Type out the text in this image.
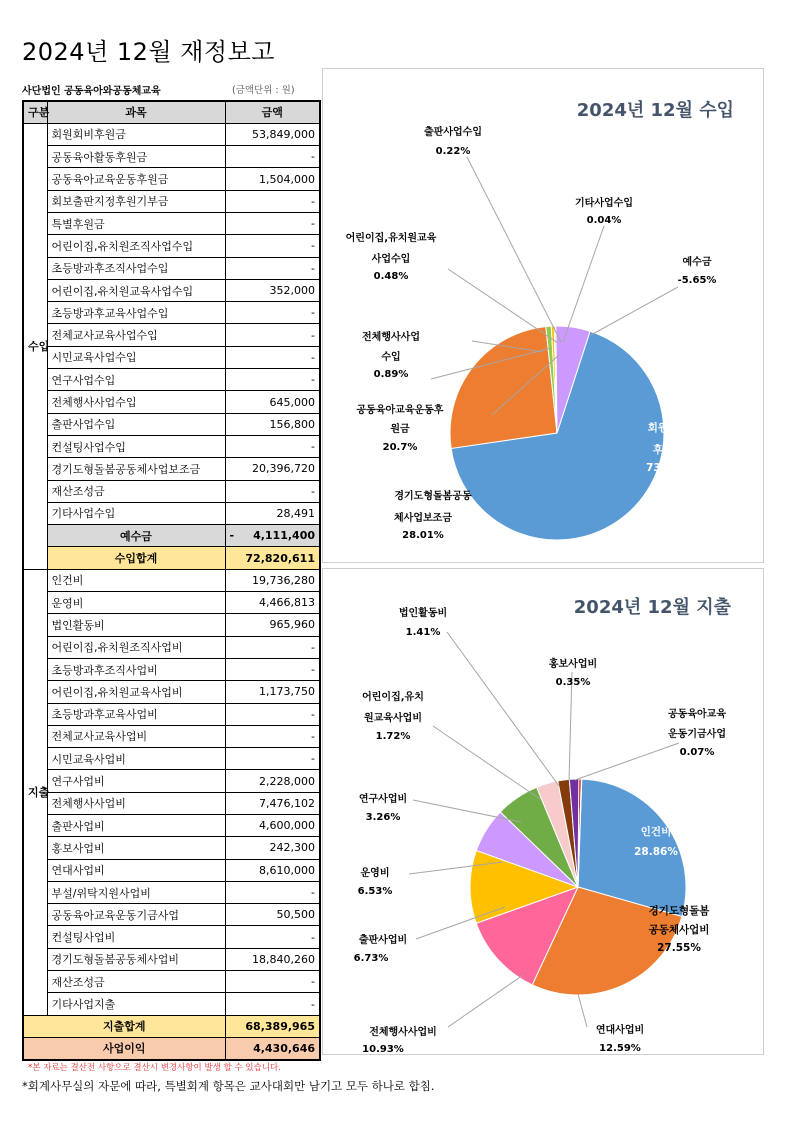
2024년 12월 재정보고
사단법인 공동육아와공동체교육	(금액단위 : 원)
구분	과목	금액
수입	회원회비후원금	53,849,000
	공동육아활동후원금	-
	공동육아교육운동후원금	1,504,000
	회보출판지정후원기부금	-
	특별후원금	-
	어린이집,유치원조직사업수입	-
	초등방과후조직사업수입	-
	어린이집,유치원교육사업수입	352,000
	초등방과후교육사업수입	-
	전체교사교육사업수입	-
	시민교육사업수입	-
	연구사업수입	-
	전체행사사업수입	645,000
	출판사업수입	156,800
	컨설팅사업수입	-
	경기도형돌봄공동체사업보조금	20,396,720
	재산조성금	-
	기타사업수입	28,491
	예수금	- 4,111,400

	수입합계	72,820,611
지출	인건비	19,736,280
	운영비	4,466,813
	법인활동비	965,960
	어린이집,유치원조직사업비	-
	초등방과후조직사업비	-
	어린이집,유치원교육사업비	1,173,750
	초등방과후교육사업비	-
	전체교사교육사업비	-
	시민교육사업비	-
	연구사업비	2,228,000
	전체행사사업비	7,476,102
	출판사업비	4,600,000
	홍보사업비	242,300
	연대사업비	8,610,000
	부설/위탁지원사업비	-
	공동육아교육운동기금사업	50,500
	컨설팅사업비	-
	경기도형돌봄공동체사업비	18,840,260
	재산조성금	-
	기타사업지출	-
지출합계		68,389,965
사업이익		4,430,646
*본 자료는 결산전 사항으로 결산시 변경사항이 발생 할 수 있습니다.
*회계사무실의 자문에 따라, 특별회계 항목은 교사대회만 남기고 모두 하나로 합침.
2024년 12월 수입
회원회비
후원금
73.95%
경기도형돌봄공동
체사업보조금
28.01%
공동육아교육운동후
원금
20.7%
전체행사사업
수입
0.89%
어린이집,유치원교육
사업수입
0.48%
출판사업수입
0.22%
기타사업수입
0.04%
예수금
-5.65%
2024년 12월 지출
인건비
28.86%
경기도형돌봄
공동체사업비
27.55%
연대사업비
12.59%
전체행사사업비
10.93%
출판사업비
6.73%
운영비
6.53%
연구사업비
3.26%
어린이집,유치
원교육사업비
1.72%
법인활동비
1.41%
홍보사업비
0.35%
공동육아교육
운동기금사업
0.07%
